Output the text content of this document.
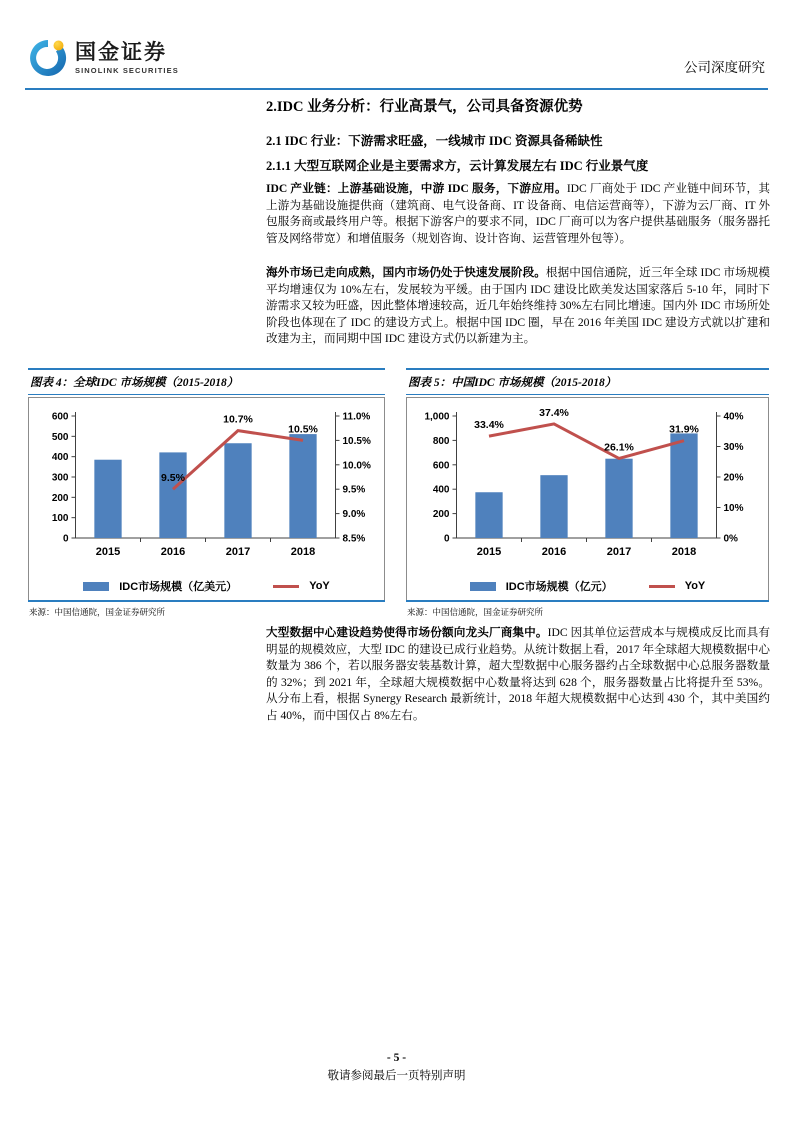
国金证券
SINOLINK SECURITIES	公司深度研究
2.IDC 业务分析：行业高景气，公司具备资源优势
2.1 IDC 行业：下游需求旺盛，一线城市 IDC 资源具备稀缺性
2.1.1 大型互联网企业是主要需求方，云计算发展左右 IDC 行业景气度

IDC 产业链：上游基础设施，中游 IDC 服务，下游应用。IDC 厂商处于 IDC 产业链中间环节，其上游为基础设施提供商（建筑商、电气设备商、IT 设备商、电信运营商等），下游为云厂商、IT 外包服务商或最终用户等。根据下游客户的要求不同，IDC 厂商可以为客户提供基础服务（服务器托管及网络带宽）和增值服务（规划咨询、设计咨询、运营管理外包等）。

海外市场已走向成熟，国内市场仍处于快速发展阶段。根据中国信通院，近三年全球 IDC 市场规模平均增速仅为 10%左右，发展较为平缓。由于国内 IDC 建设比欧美发达国家落后 5-10 年，同时下游需求又较为旺盛，因此整体增速较高，近几年始终维持 30%左右同比增速。国内外 IDC 市场所处阶段也体现在了 IDC 的建设方式上。根据中国 IDC 圈，早在 2016 年美国 IDC 建设方式就以扩建和改建为主，而同期中国 IDC 建设方式仍以新建为主。

图表 4：全球IDC 市场规模（2015-2018）
0
100
200
300
400
500
600
8.5%
9.0%
9.5%
10.0%
10.5%
11.0%
2015	2016	2017	2018
9.5%
10.7%
10.5%
IDC市场规模（亿美元）	YoY
来源：中国信通院，国金证券研究所
图表 5：中国IDC 市场规模（2015-2018）
0
200
400
600
800
1,000
0%
10%
20%
30%
40%
2015	2016	2017	2018
33.4%
37.4%
26.1%
31.9%
IDC市场规模（亿元）	YoY
来源：中国信通院，国金证券研究所

大型数据中心建设趋势使得市场份额向龙头厂商集中。IDC 因其单位运营成本与规模成反比而具有明显的规模效应，大型 IDC 的建设已成行业趋势。从统计数据上看，2017 年全球超大规模数据中心数量为 386 个，若以服务器安装基数计算，超大型数据中心服务器约占全球数据中心总服务器数量的 32%；到 2021 年，全球超大规模数据中心数量将达到 628 个，服务器数量占比将提升至 53%。从分布上看，根据 Synergy Research 最新统计，2018 年超大规模数据中心达到 430 个，其中美国约占 40%，而中国仅占 8%左右。

- 5 -
敬请参阅最后一页特别声明
